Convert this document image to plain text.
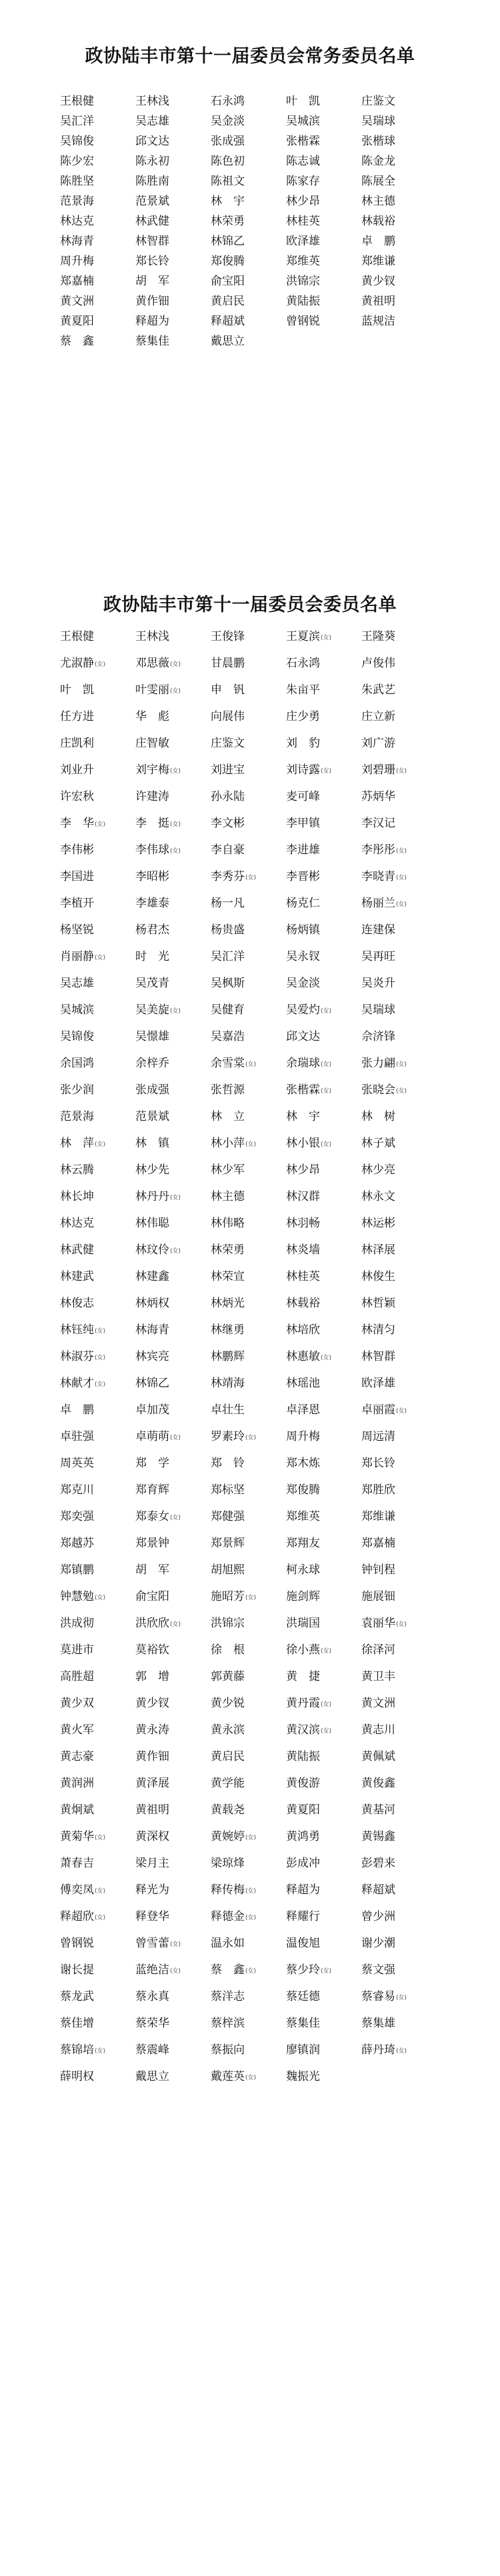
政协陆丰市第十一届委员会常务委员名单
王根健	王林浅	石永鸿	叶　凯	庄鉴文
吴汇洋	吴志雄	吴金淡	吴城滨	吴瑞球
吴锦俊	邱文达	张成强	张楷霖	张楷球
陈少宏	陈永初	陈色初	陈志诚	陈金龙
陈胜坚	陈胜南	陈祖文	陈家存	陈展全
范景海	范景斌	林　宇	林少昂	林主德
林达克	林武健	林荣勇	林桂英	林载裕
林海青	林智群	林锦乙	欧泽雄	卓　鹏
周升梅	郑长铃	郑俊腾	郑维英	郑维谦
郑嘉楠	胡　军	俞宝阳	洪锦宗	黄少钗
黄文洲	黄作钿	黄启民	黄陆振	黄祖明
黄夏阳	释超为	释超斌	曾钢锐	蓝规洁
蔡　鑫	蔡集佳	戴思立
政协陆丰市第十一届委员会委员名单
王根健	王林浅	王俊锋	王夏滨(女)	王隆葵
尤淑静(女)	邓思薇(女)	甘晨鹏	石永鸿	卢俊伟
叶　凯	叶雯丽(女)	申　钒	朱亩平	朱武艺
任方进	华　彪	向展伟	庄少勇	庄立新
庄凯利	庄智敏	庄鉴文	刘　豹	刘广游
刘业升	刘宇梅(女)	刘进宝	刘诗露(女)	刘碧珊(女)
许宏秋	许建涛	孙永陆	麦可峰	苏炳华
李　华(女)	李　挺(女)	李文彬	李甲镇	李汉记
李伟彬	李伟球(女)	李自豪	李进雄	李彤彤(女)
李国进	李昭彬	李秀芬(女)	李晋彬	李晓青(女)
李植开	李雄泰	杨一凡	杨克仁	杨丽兰(女)
杨坚锐	杨君杰	杨贵盛	杨炳镇	连建保
肖丽静(女)	时　光	吴汇洋	吴永钗	吴再旺
吴志雄	吴茂青	吴枫斯	吴金淡	吴炎升
吴城滨	吴美旋(女)	吴健育	吴爱灼(女)	吴瑞球
吴锦俊	吴憬雄	吴嘉浩	邱文达	佘济锋
余国鸿	余梓乔	余雪棠(女)	余瑞球(女)	张力翩(女)
张少润	张成强	张哲源	张楷霖(女)	张晓会(女)
范景海	范景斌	林　立	林　宇	林　树
林　萍(女)	林　镇	林小萍(女)	林小银(女)	林子斌
林云腾	林少先	林少军	林少昂	林少亮
林长坤	林丹丹(女)	林主德	林汉群	林永文
林达克	林伟聪	林伟略	林羽畅	林运彬
林武健	林玟伶(女)	林荣勇	林炎墙	林泽展
林建武	林建鑫	林荣宣	林桂英	林俊生
林俊志	林炳权	林炳光	林载裕	林哲颖
林钰纯(女)	林海青	林继勇	林培欣	林清匀
林淑芬(女)	林宾亮	林鹏辉	林惠敏(女)	林智群
林献才(女)	林锦乙	林靖海	林瑶池	欧泽雄
卓　鹏	卓加茂	卓壮生	卓泽恩	卓丽霞(女)
卓驻强	卓萌萌(女)	罗素玲(女)	周升梅	周远清
周英英	郑　学	郑　铃	郑木炼	郑长铃
郑克川	郑育辉	郑标坚	郑俊腾	郑胜欣
郑奕强	郑泰女(女)	郑健强	郑维英	郑维谦
郑越苏	郑景钟	郑景辉	郑翔友	郑嘉楠
郑镇鹏	胡　军	胡旭熙	柯永球	钟钊程
钟慧勉(女)	俞宝阳	施昭芳(女)	施剑辉	施展钿
洪成彻	洪欣欣(女)	洪锦宗	洪瑞国	袁丽华(女)
莫进市	莫裕钦	徐　根	徐小燕(女)	徐泽河
高胜超	郭　增	郭黄藤	黄　捷	黄卫丰
黄少双	黄少钗	黄少锐	黄丹霞(女)	黄文洲
黄火军	黄永涛	黄永滨	黄汉滨(女)	黄志川
黄志豪	黄作钿	黄启民	黄陆振	黄佩斌
黄润洲	黄泽展	黄学能	黄俊游	黄俊鑫
黄炯斌	黄祖明	黄载尧	黄夏阳	黄基河
黄菊华(女)	黄深权	黄婉婷(女)	黄鸿勇	黄锡鑫
萧春吉	梁月主	梁琼烽	彭成冲	彭碧来
傅奕凤(女)	释光为	释传梅(女)	释超为	释超斌
释超欣(女)	释登华	释德金(女)	释耀行	曾少洲
曾钢锐	曾雪蕾(女)	温永如	温俊旭	谢少潮
谢长提	蓝绝洁(女)	蔡　鑫(女)	蔡少玲(女)	蔡文强
蔡龙武	蔡永真	蔡洋志	蔡廷德	蔡睿易(女)
蔡佳增	蔡荣华	蔡梓滨	蔡集佳	蔡集雄
蔡锦培(女)	蔡震峰	蔡振向	廖镇润	薛丹琦(女)
薛明权	戴思立	戴莲英(女)	魏振光
